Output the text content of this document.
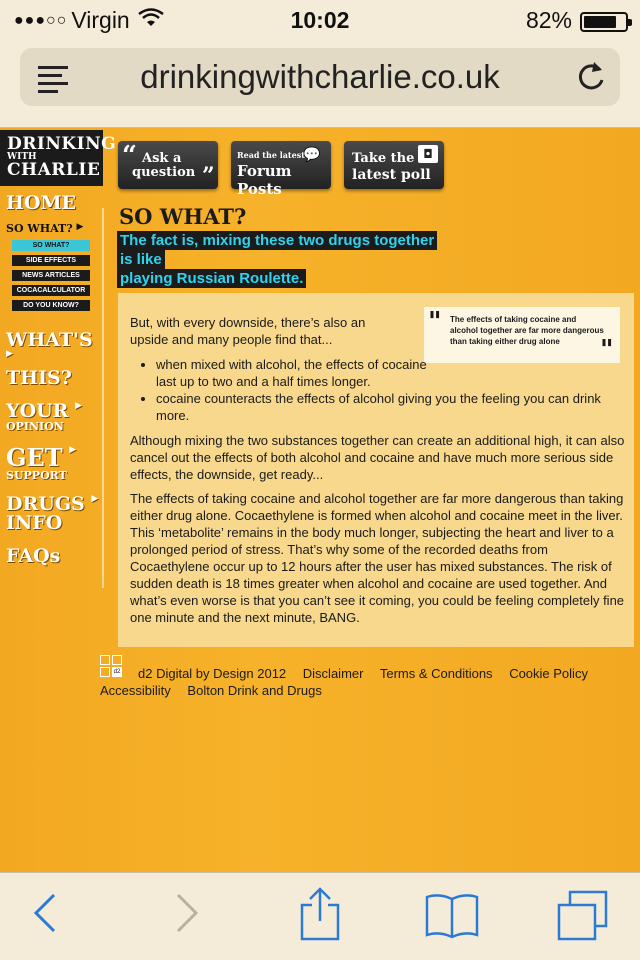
●●●○○ Virgin	10:02	82%
drinkingwithcharlie.co.uk
DRINKING
WITH
CHARLIE “ Ask a
question ”
Read the latest
Forum Posts
💬 Take the
latest poll
◘
HOME
SO WHAT? ▶
SO WHAT?
SIDE EFFECTS
NEWS ARTICLES
COCACALCULATOR
DO YOU KNOW?
WHAT'S ▶
THIS?
YOUR ▶
OPINION
GET ▶
SUPPORT
DRUGS ▶
INFO
FAQs
SO WHAT?
The fact is, mixing these two drugs together
is like
playing Russian Roulette.
" The effects of taking cocaine and alcohol together are far more dangerous than taking either drug alone	"

But, with every downside, there’s also an upside and many people find that...

• when mixed with alcohol, the effects of cocaine last up to two and a half times longer.
• cocaine counteracts the effects of alcohol giving you the feeling you can drink more.

Although mixing the two substances together can create an additional high, it can also cancel out the effects of both alcohol and cocaine and have much more serious side effects, the downside, get ready...

The effects of taking cocaine and alcohol together are far more dangerous than taking either drug alone. Cocaethylene is formed when alcohol and cocaine meet in the liver. This ‘metabolite’ remains in the body much longer, subjecting the heart and liver to a prolonged period of stress. That’s why some of the recorded deaths from Cocaethylene occur up to 12 hours after the user has mixed substances. The risk of sudden death is 18 times greater when alcohol and cocaine are used together. And what’s even worse is that you can’t see it coming, you could be feeling completely fine one minute and the next minute, BANG.

d2 d2 Digital by Design 2012 Disclaimer Terms & Conditions Cookie Policy
Accessibility Bolton Drink and Drugs
